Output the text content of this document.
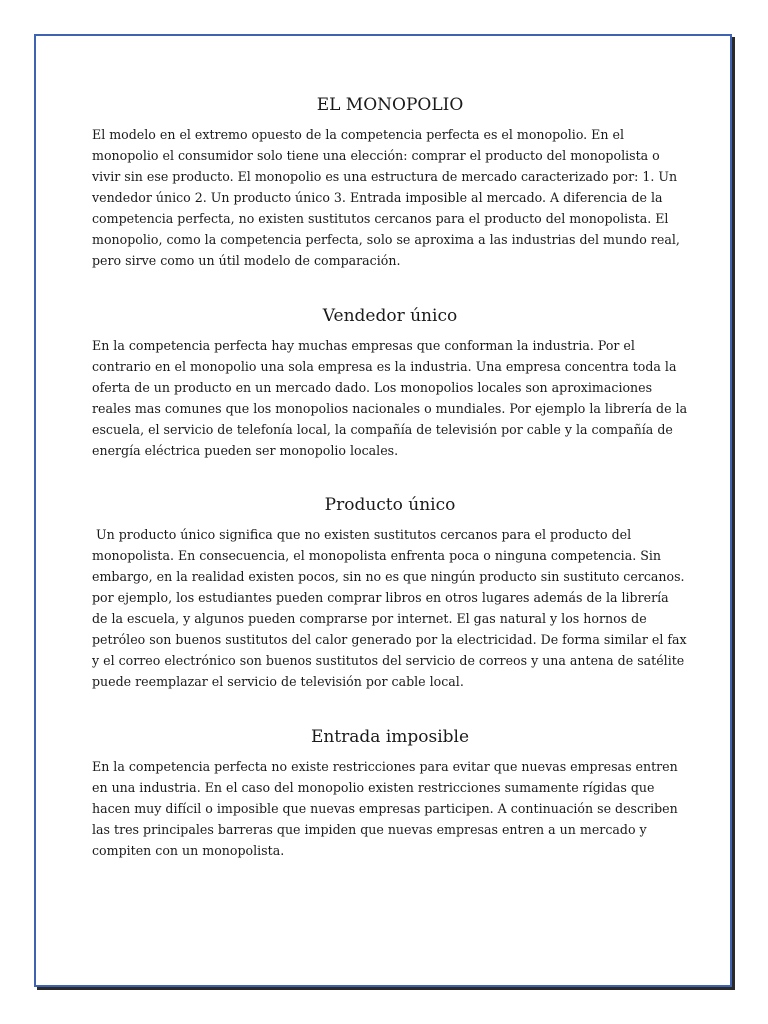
EL MONOPOLIO

El modelo en el extremo opuesto de la competencia perfecta es el monopolio. En el monopolio el consumidor solo tiene una elección: comprar el producto del monopolista o vivir sin ese producto. El monopolio es una estructura de mercado caracterizado por: 1. Un vendedor único 2. Un producto único 3. Entrada imposible al mercado. A diferencia de la competencia perfecta, no existen sustitutos cercanos para el producto del monopolista. El monopolio, como la competencia perfecta, solo se aproxima a las industrias del mundo real, pero sirve como un útil modelo de comparación.

Vendedor único

En la competencia perfecta hay muchas empresas que conforman la industria. Por el contrario en el monopolio una sola empresa es la industria. Una empresa concentra toda la oferta de un producto en un mercado dado. Los monopolios locales son aproximaciones reales mas comunes que los monopolios nacionales o mundiales. Por ejemplo la librería de la escuela, el servicio de telefonía local, la compañía de televisión por cable y la compañía de energía eléctrica pueden ser monopolio locales.

Producto único

Un producto único significa que no existen sustitutos cercanos para el producto del monopolista. En consecuencia, el monopolista enfrenta poca o ninguna competencia. Sin embargo, en la realidad existen pocos, sin no es que ningún producto sin sustituto cercanos. por ejemplo, los estudiantes pueden comprar libros en otros lugares además de la librería de la escuela, y algunos pueden comprarse por internet. El gas natural y los hornos de petróleo son buenos sustitutos del calor generado por la electricidad. De forma similar el fax y el correo electrónico son buenos sustitutos del servicio de correos y una antena de satélite puede reemplazar el servicio de televisión por cable local.

Entrada imposible

En la competencia perfecta no existe restricciones para evitar que nuevas empresas entren en una industria. En el caso del monopolio existen restricciones sumamente rígidas que hacen muy difícil o imposible que nuevas empresas participen. A continuación se describen las tres principales barreras que impiden que nuevas empresas entren a un mercado y compiten con un monopolista.
